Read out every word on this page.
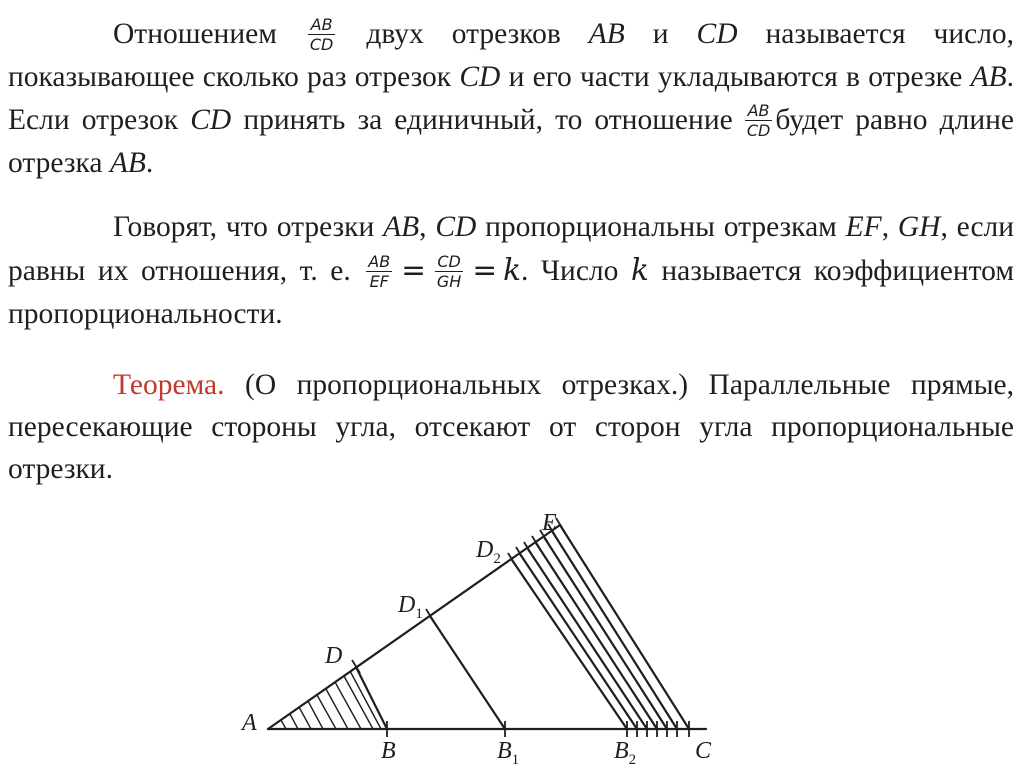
Отношением $\frac{AB}{CD}$ двух отрезков AB и CD называется число, показывающее сколько раз отрезок CD и его части укладываются в отрезке AB. Если отрезок CD принять за единичный, то отношение $\frac{AB}{CD}$ будет равно длине отрезка AB.

Говорят, что отрезки AB, CD пропорциональны отрезкам EF, GH, если равны их отношения, т. е. $\frac{AB}{EF} = \frac{CD}{GH} = k$. Число k называется коэффициентом пропорциональности.

Теорема. (О пропорциональных отрезках.) Параллельные прямые, пересекающие стороны угла, отсекают от сторон угла пропорциональные отрезки.

A
B	$B_1$	$B_2$ C
D
$D_1$
$D_2$
E
